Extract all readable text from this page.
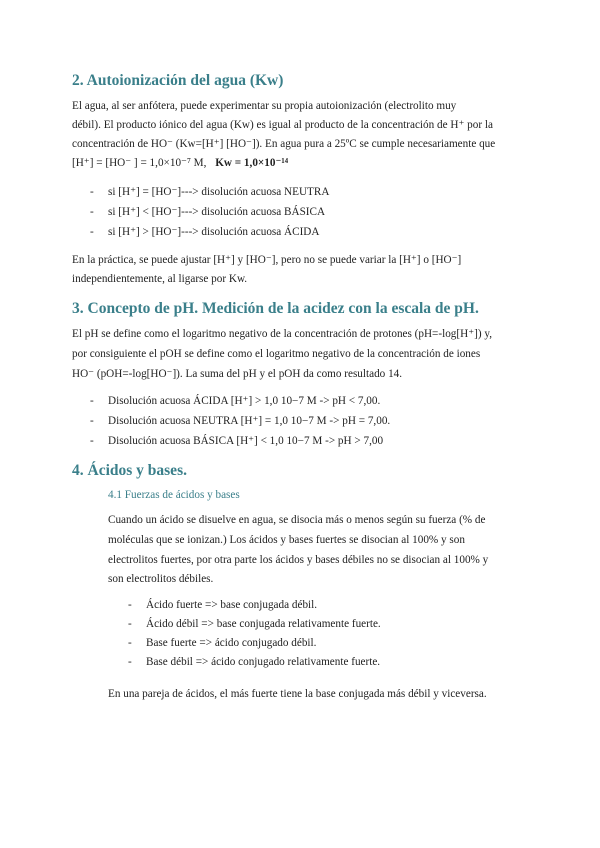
2. Autoionización del agua (Kw)

El agua, al ser anfótera, puede experimentar su propia autoionización (electrolito muy

débil). El producto iónico del agua (Kw) es igual al producto de la concentración de H⁺ por la

concentración de HO⁻ (Kw=[H⁺] [HO⁻]). En agua pura a 25ºC se cumple necesariamente que

[H⁺] = [HO⁻ ] = 1,0×10⁻⁷ M, Kw = 1,0×10⁻¹⁴

- si [H⁺] = [HO⁻]---> disolución acuosa NEUTRA

- si [H⁺] < [HO⁻]---> disolución acuosa BÁSICA

- si [H⁺] > [HO⁻]---> disolución acuosa ÁCIDA

En la práctica, se puede ajustar [H⁺] y [HO⁻], pero no se puede variar la [H⁺] o [HO⁻]

independientemente, al ligarse por Kw.

3. Concepto de pH. Medición de la acidez con la escala de pH.

El pH se define como el logaritmo negativo de la concentración de protones (pH=-log[H⁺]) y,

por consiguiente el pOH se define como el logaritmo negativo de la concentración de iones

HO⁻ (pOH=-log[HO⁻]). La suma del pH y el pOH da como resultado 14.

- Disolución acuosa ÁCIDA [H⁺] > 1,0 10−7 M -> pH < 7,00.

- Disolución acuosa NEUTRA [H⁺] = 1,0 10−7 M -> pH = 7,00.

- Disolución acuosa BÁSICA [H⁺] < 1,0 10−7 M -> pH > 7,00

4. Ácidos y bases.

4.1 Fuerzas de ácidos y bases

Cuando un ácido se disuelve en agua, se disocia más o menos según su fuerza (% de

moléculas que se ionizan.) Los ácidos y bases fuertes se disocian al 100% y son

electrolitos fuertes, por otra parte los ácidos y bases débiles no se disocian al 100% y

son electrolitos débiles.

- Ácido fuerte => base conjugada débil.

- Ácido débil => base conjugada relativamente fuerte.

- Base fuerte => ácido conjugado débil.

- Base débil => ácido conjugado relativamente fuerte.

En una pareja de ácidos, el más fuerte tiene la base conjugada más débil y viceversa.
